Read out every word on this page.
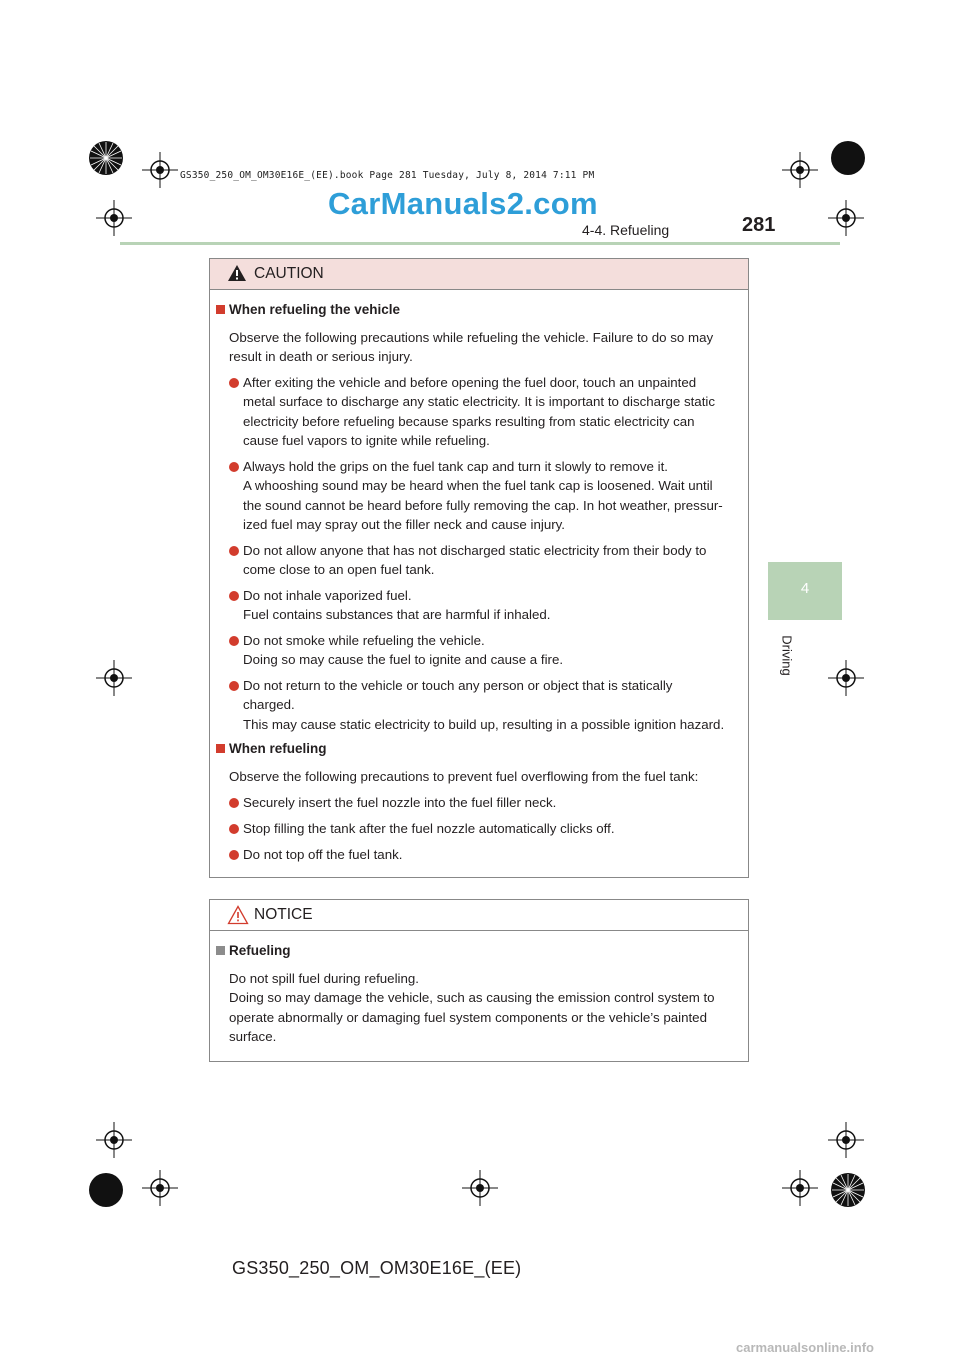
GS350_250_OM_OM30E16E_(EE).book Page 281 Tuesday, July 8, 2014 7:11 PM
CarManuals2.com
4-4. Refueling	281
4
Driving
CAUTION
When refueling the vehicle
Observe the following precautions while refueling the vehicle. Failure to do so may
result in death or serious injury.
After exiting the vehicle and before opening the fuel door, touch an unpainted
metal surface to discharge any static electricity. It is important to discharge static
electricity before refueling because sparks resulting from static electricity can
cause fuel vapors to ignite while refueling.
Always hold the grips on the fuel tank cap and turn it slowly to remove it.
A whooshing sound may be heard when the fuel tank cap is loosened. Wait until
the sound cannot be heard before fully removing the cap. In hot weather, pressur-
ized fuel may spray out the filler neck and cause injury.
Do not allow anyone that has not discharged static electricity from their body to
come close to an open fuel tank.
Do not inhale vaporized fuel.
Fuel contains substances that are harmful if inhaled.
Do not smoke while refueling the vehicle.
Doing so may cause the fuel to ignite and cause a fire.
Do not return to the vehicle or touch any person or object that is statically
charged.
This may cause static electricity to build up, resulting in a possible ignition hazard.
When refueling
Observe the following precautions to prevent fuel overflowing from the fuel tank:
Securely insert the fuel nozzle into the fuel filler neck.
Stop filling the tank after the fuel nozzle automatically clicks off.
Do not top off the fuel tank.
NOTICE
Refueling
Do not spill fuel during refueling.
Doing so may damage the vehicle, such as causing the emission control system to
operate abnormally or damaging fuel system components or the vehicle’s painted
surface.
GS350_250_OM_OM30E16E_(EE)
carmanualsonline.info
